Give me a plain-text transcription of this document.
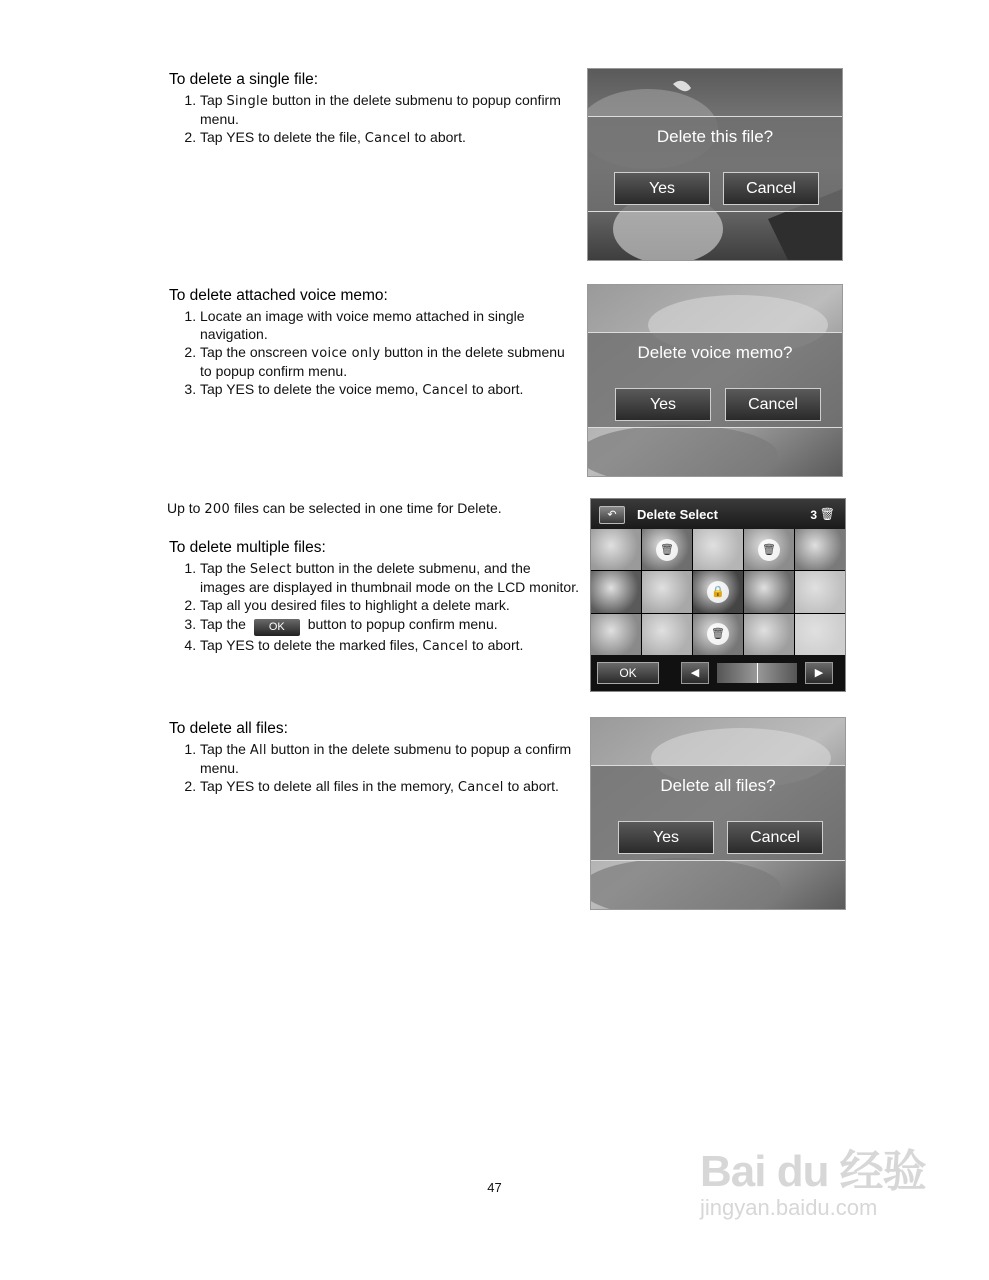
To delete a single file:
1. Tap Single button in the delete submenu to popup confirm menu.
2. Tap YES to delete the file, Cancel to abort.
To delete attached voice memo:
1. Locate an image with voice memo attached in single navigation.
2. Tap the onscreen voice only button in the delete submenu to popup confirm menu.
3. Tap YES to delete the voice memo, Cancel to abort.
Up to 200 files can be selected in one time for Delete.
To delete multiple files:
1. Tap the Select button in the delete submenu, and the images are displayed in thumbnail mode on the LCD monitor.
2. Tap all you desired files to highlight a delete mark.
3. Tap the OK button to popup confirm menu.
4. Tap YES to delete the marked files, Cancel to abort.
To delete all files:
1. Tap the All button in the delete submenu to popup a confirm menu.
2. Tap YES to delete all files in the memory, Cancel to abort.
Delete this file?
Yes	Cancel
Delete voice memo?
Yes	Cancel
↶	Delete Select	3 🗑
🗑	🗑
🔒
🗑
OK	◀	▶
Delete all files?
Yes	Cancel
47	Bai du 经验
jingyan.baidu.com
